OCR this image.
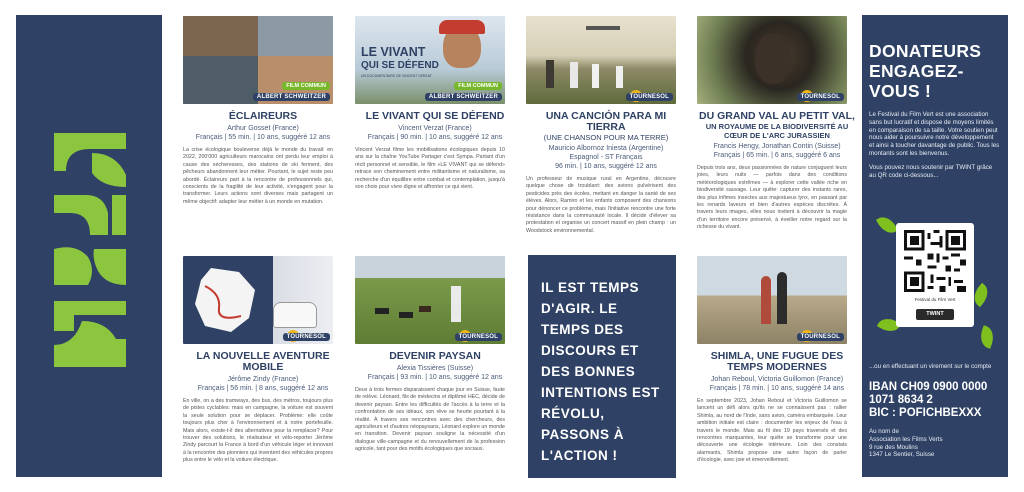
FILM COMMUN
ALBERT SCHWEITZER
ÉCLAIREURS
Arthur Gosset (France)
Français | 55 min. | 10 ans, suggéré 12 ans
La crise écologique bouleverse déjà le monde du travail: en 2022, 200'000 agriculteurs marocains ont perdu leur emploi à cause des sécheresses, des stations de ski ferment, des pêcheurs abandonnent leur métier. Pourtant, le sujet reste peu abordé. Éclaireurs part à la rencontre de professionnels qui, conscients de la fragilité de leur activité, s'engagent pour la transformer. Leurs actions sont diverses mais partagent un même objectif: adapter leur métier à un monde en mutation.
LE VIVANT
QUI SE DÉFEND
UN DOCUMENTAIRE DE VINCENT VERZAT
FILM COMMUN
ALBERT SCHWEITZER
LE VIVANT QUI SE DÉFEND
Vincent Verzat (France)
Français | 90 min. | 10 ans, suggéré 12 ans
Vincent Verzat filme les mobilisations écologiques depuis 10 ans sur la chaîne YouTube Partager c'est Sympa. Partant d'un récit personnel et sensible, le film «LE VIVANT qui se défend» retrace son cheminement entre militantisme et naturalisme, sa recherche d'un équilibre entre combat et contemplation, jusqu'à son choix pour vivre digne et affronter ce qui vient.
TOURNESOL
UNA CANCIÓN PARA MI TIERRA
(UNE CHANSON POUR MA TERRE)
Mauricio Albornoz Iniesta (Argentine)
Espagnol - ST Français
96 min. | 10 ans, suggéré 12 ans
Un professeur de musique rural en Argentine, découvre quelque chose de troublant: des avions pulvérisent des pesticides près des écoles, mettant en danger la santé de ses élèves. Alors, Ramiro et les enfants composent des chansons pour dénoncer ce problème, mais l'initiative rencontre une forte résistance dans la communauté locale. Il décide d'élever sa protestation et organise un concert massif en plein champ : un Woodstock environnemental.
TOURNESOL
DU GRAND VAL AU PETIT VAL,
UN ROYAUME DE LA BIODIVERSITÉ AU CŒUR DE L'ARC JURASSIEN
Francis Hengy, Jonathan Contin (Suisse)
Français | 65 min. | 6 ans, suggéré 6 ans
Depuis trois ans, deux passionnées de nature conjuguent leurs joies, leurs nuits — parfois dans des conditions météorologiques extrêmes — à explorer cette vallée riche en biodiversité sauvage. Leur quête: capturer des instants rares, des plus infimes insectes aux majestueux lynx, en passant par les renards laveurs et bien d'autres espèces discrètes. À travers leurs images, elles nous invitent à découvrir la magie d'un territoire encore préservé, à éveiller notre regard sur la richesse du vivant.
TOURNESOL
LA NOUVELLE AVENTURE MOBILE
Jérôme Zindy (France)
Français | 56 min. | 8 ans, suggéré 12 ans
En ville, on a des tramways, des bus, des métros, toujours plus de pistes cyclables: mais en campagne, la voiture est souvent la seule solution pour se déplacer. Problème: elle coûte toujours plus cher à l'environnement et à notre portefeuille. Mais alors, existe-t-il des alternatives pour la remplacer? Pour trouver des solutions, le réalisateur et vélo-reporter Jérôme Zindy parcourt la France à bord d'un véhicule léger et innovant à la rencontre des pionniers qui inventent des véhicules propres plus entre le vélo et la voiture électrique.
TOURNESOL
DEVENIR PAYSAN
Alexia Tissières (Suisse)
Français | 93 min. | 10 ans, suggéré 12 ans
Deux à trois fermes disparaissent chaque jour en Suisse, faute de relève. Léonard, fils de médecins et diplômé HEC, décide de devenir paysan. Entre les difficultés de l'accès à la terre et la confrontation de ses idéaux, son rêve se heurte pourtant à la réalité. À travers ses rencontres avec des chercheurs, des agriculteurs et d'autres néopaysans, Léonard explore un monde en transition. Devenir paysan souligne la nécessité d'un dialogue ville-campagne et du renouvellement de la profession agricole, tant pour des motifs écologiques que sociaux.
IL EST TEMPS D'AGIR. LE TEMPS DES DISCOURS ET DES BONNES INTENTIONS EST RÉVOLU, PASSONS À L'ACTION !
TOURNESOL
SHIMLA, UNE FUGUE DES TEMPS MODERNES
Johan Reboul, Victoria Guillomon (France)
Français | 78 min. | 10 ans, suggéré 14 ans
En septembre 2023, Johan Reboul et Victoria Guillomon se lancent un défi alors qu'ils ne se connaissent pas : rallier Shimla, au nord de l'Inde, sans avion, caméra embarquée. Leur ambition initiale est claire : documenter les enjeux de l'eau à travers le monde. Mais au fil des 19 pays traversés et des rencontres marquantes, leur quête se transforme pour une découverte une écologie intérieure. Loin des constats alarmants, Shimla propose une autre façon de parler d'écologie, avec joie et émerveillement.
DONATEURS ENGAGEZ-VOUS !
Le Festival du Film Vert est une association sans but lucratif et dispose de moyens limités en comparaison de sa taille. Votre soutien peut nous aider à poursuivre notre développement et ainsi à toucher davantage de public. Tous les montants sont les bienvenus.
Vous pouvez nous soutenir par TWINT grâce au QR code ci-dessous...
Festival du Film Vert
TWINT
...ou en effectuant un virement sur le compte
IBAN CH09 0900 0000
1071 8634 2
BIC : POFICHBEXXX
Au nom de
Association les Films Verts
9 rue des Moulins
1347 Le Sentier, Suisse
